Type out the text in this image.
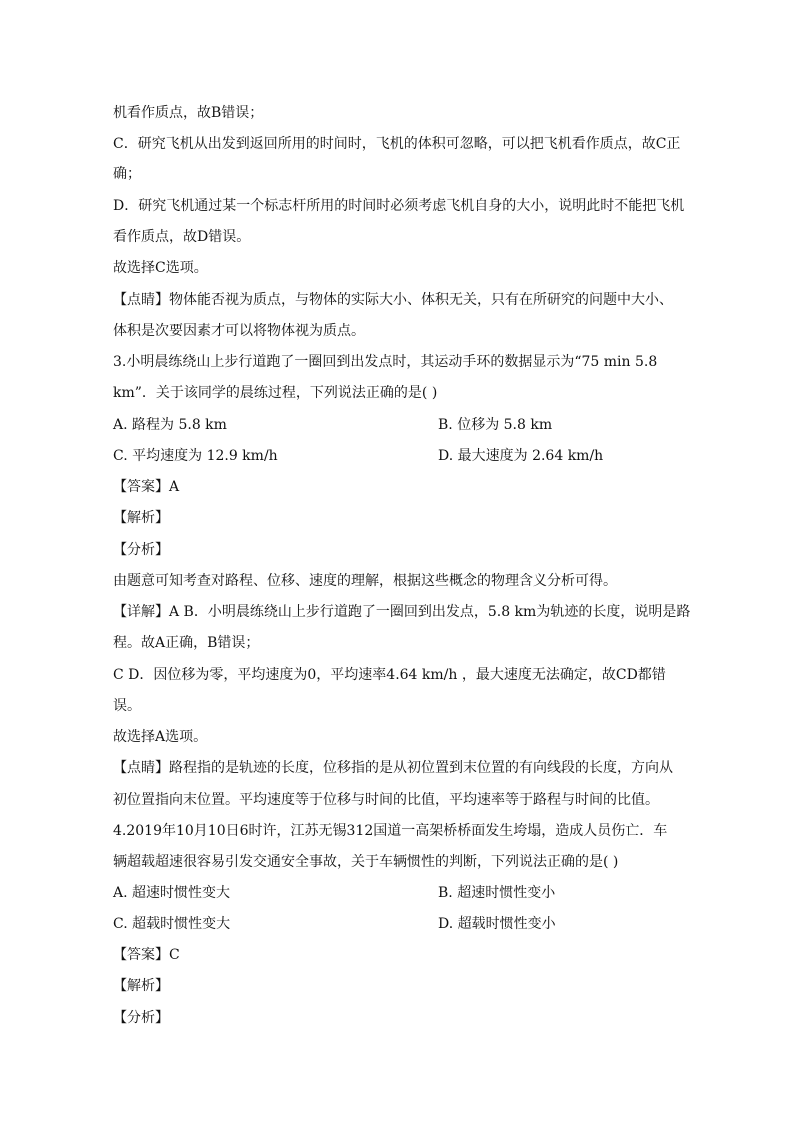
机看作质点，故B错误；
C．研究飞机从出发到返回所用的时间时，飞机的体积可忽略，可以把飞机看作质点，故C正
确；
D．研究飞机通过某一个标志杆所用的时间时必须考虑飞机自身的大小，说明此时不能把飞机
看作质点，故D错误。
故选择C选项。
【点睛】物体能否视为质点，与物体的实际大小、体积无关，只有在所研究的问题中大小、
体积是次要因素才可以将物体视为质点。
3.小明晨练绕山上步行道跑了一圈回到出发点时，其运动手环的数据显示为“75 min 5.8
km”．关于该同学的晨练过程，下列说法正确的是( )
A. 路程为 5.8 km	B. 位移为 5.8 km
C. 平均速度为 12.9 km/h	D. 最大速度为 2.64 km/h
【答案】A
【解析】
【分析】
由题意可知考查对路程、位移、速度的理解，根据这些概念的物理含义分析可得。
【详解】A B．小明晨练绕山上步行道跑了一圈回到出发点，5.8 km为轨迹的长度，说明是路
程。故A正确，B错误；
C D．因位移为零，平均速度为0，平均速率4.64 km/h ，最大速度无法确定，故CD都错
误。
故选择A选项。
【点睛】路程指的是轨迹的长度，位移指的是从初位置到末位置的有向线段的长度，方向从
初位置指向末位置。平均速度等于位移与时间的比值，平均速率等于路程与时间的比值。
4.2019年10月10日6时许，江苏无锡312国道一高架桥桥面发生垮塌，造成人员伤亡．车
辆超载超速很容易引发交通安全事故，关于车辆惯性的判断，下列说法正确的是( )
A. 超速时惯性变大	B. 超速时惯性变小
C. 超载时惯性变大	D. 超载时惯性变小
【答案】C
【解析】
【分析】
